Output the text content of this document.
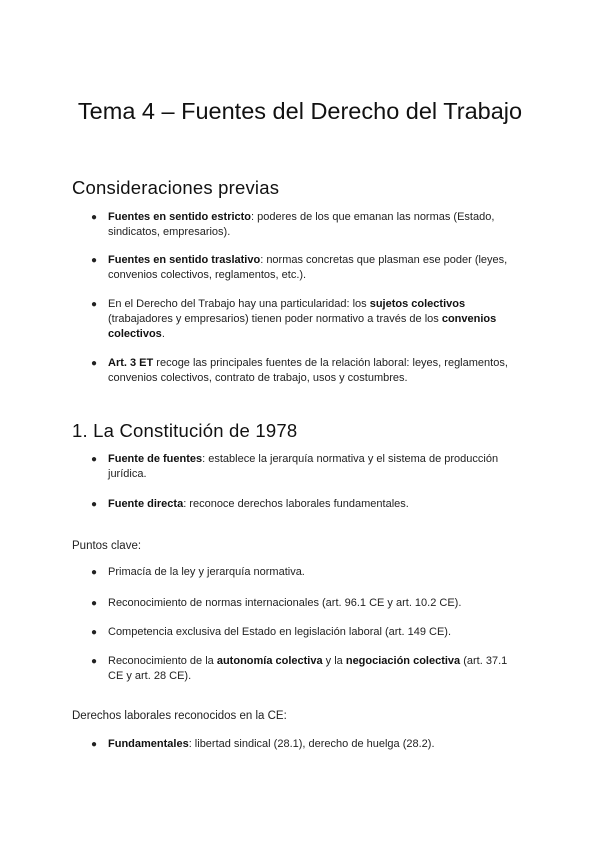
Tema 4 – Fuentes del Derecho del Trabajo
Consideraciones previas
● Fuentes en sentido estricto: poderes de los que emanan las normas (Estado, sindicatos, empresarios).
● Fuentes en sentido traslativo: normas concretas que plasman ese poder (leyes, convenios colectivos, reglamentos, etc.).
● En el Derecho del Trabajo hay una particularidad: los sujetos colectivos (trabajadores y empresarios) tienen poder normativo a través de los convenios colectivos.
● Art. 3 ET recoge las principales fuentes de la relación laboral: leyes, reglamentos, convenios colectivos, contrato de trabajo, usos y costumbres.
1. La Constitución de 1978
● Fuente de fuentes: establece la jerarquía normativa y el sistema de producción jurídica.
● Fuente directa: reconoce derechos laborales fundamentales.

Puntos clave:

● Primacía de la ley y jerarquía normativa.
● Reconocimiento de normas internacionales (art. 96.1 CE y art. 10.2 CE).
● Competencia exclusiva del Estado en legislación laboral (art. 149 CE).
● Reconocimiento de la autonomía colectiva y la negociación colectiva (art. 37.1 CE y art. 28 CE).

Derechos laborales reconocidos en la CE:

● Fundamentales: libertad sindical (28.1), derecho de huelga (28.2).
